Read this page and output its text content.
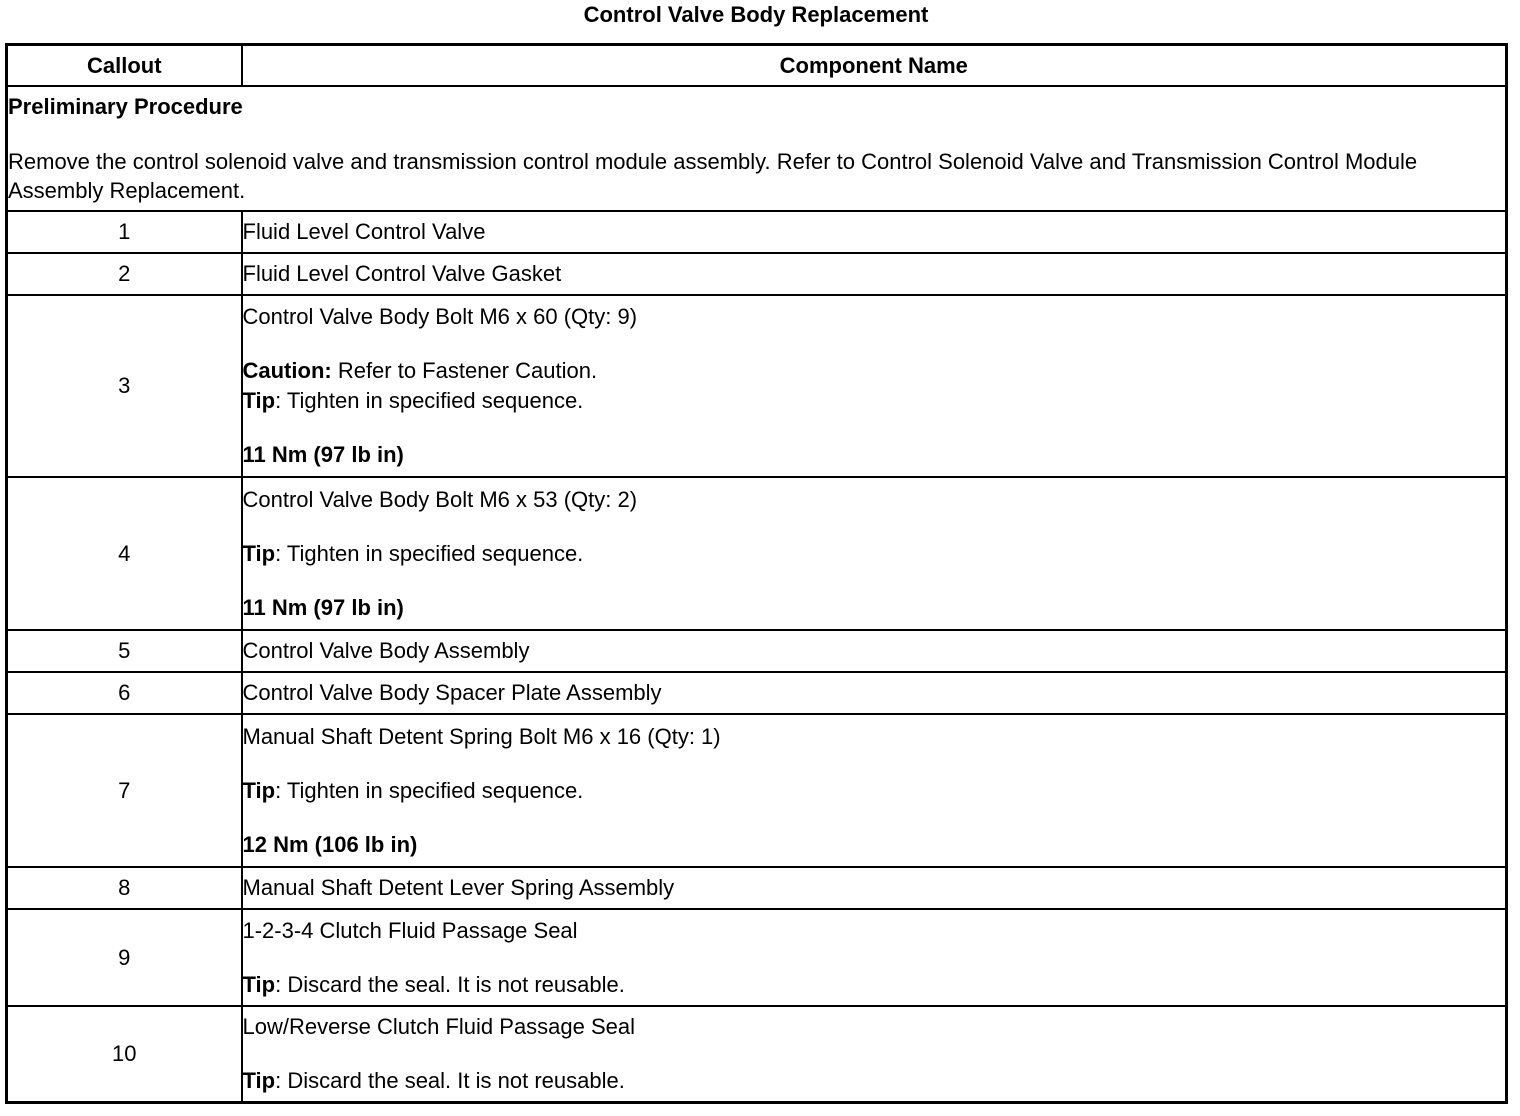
Control Valve Body Replacement
Callout	Component Name

Preliminary Procedure
Remove the control solenoid valve and transmission control module assembly. Refer to Control Solenoid Valve and Transmission Control Module Assembly Replacement.	

1	Fluid Level Control Valve
2	Fluid Level Control Valve Gasket
3	Control Valve Body Bolt M6 x 60 (Qty: 9)
Caution: Refer to Fastener Caution.
Tip: Tighten in specified sequence.
11 Nm (97 lb in)

4	Control Valve Body Bolt M6 x 53 (Qty: 2)
Tip: Tighten in specified sequence.
11 Nm (97 lb in)

5	Control Valve Body Assembly
6	Control Valve Body Spacer Plate Assembly
7	Manual Shaft Detent Spring Bolt M6 x 16 (Qty: 1)
Tip: Tighten in specified sequence.
12 Nm (106 lb in)

8	Manual Shaft Detent Lever Spring Assembly
9	1-2-3-4 Clutch Fluid Passage Seal
Tip: Discard the seal. It is not reusable.

10	Low/Reverse Clutch Fluid Passage Seal
Tip: Discard the seal. It is not reusable.
